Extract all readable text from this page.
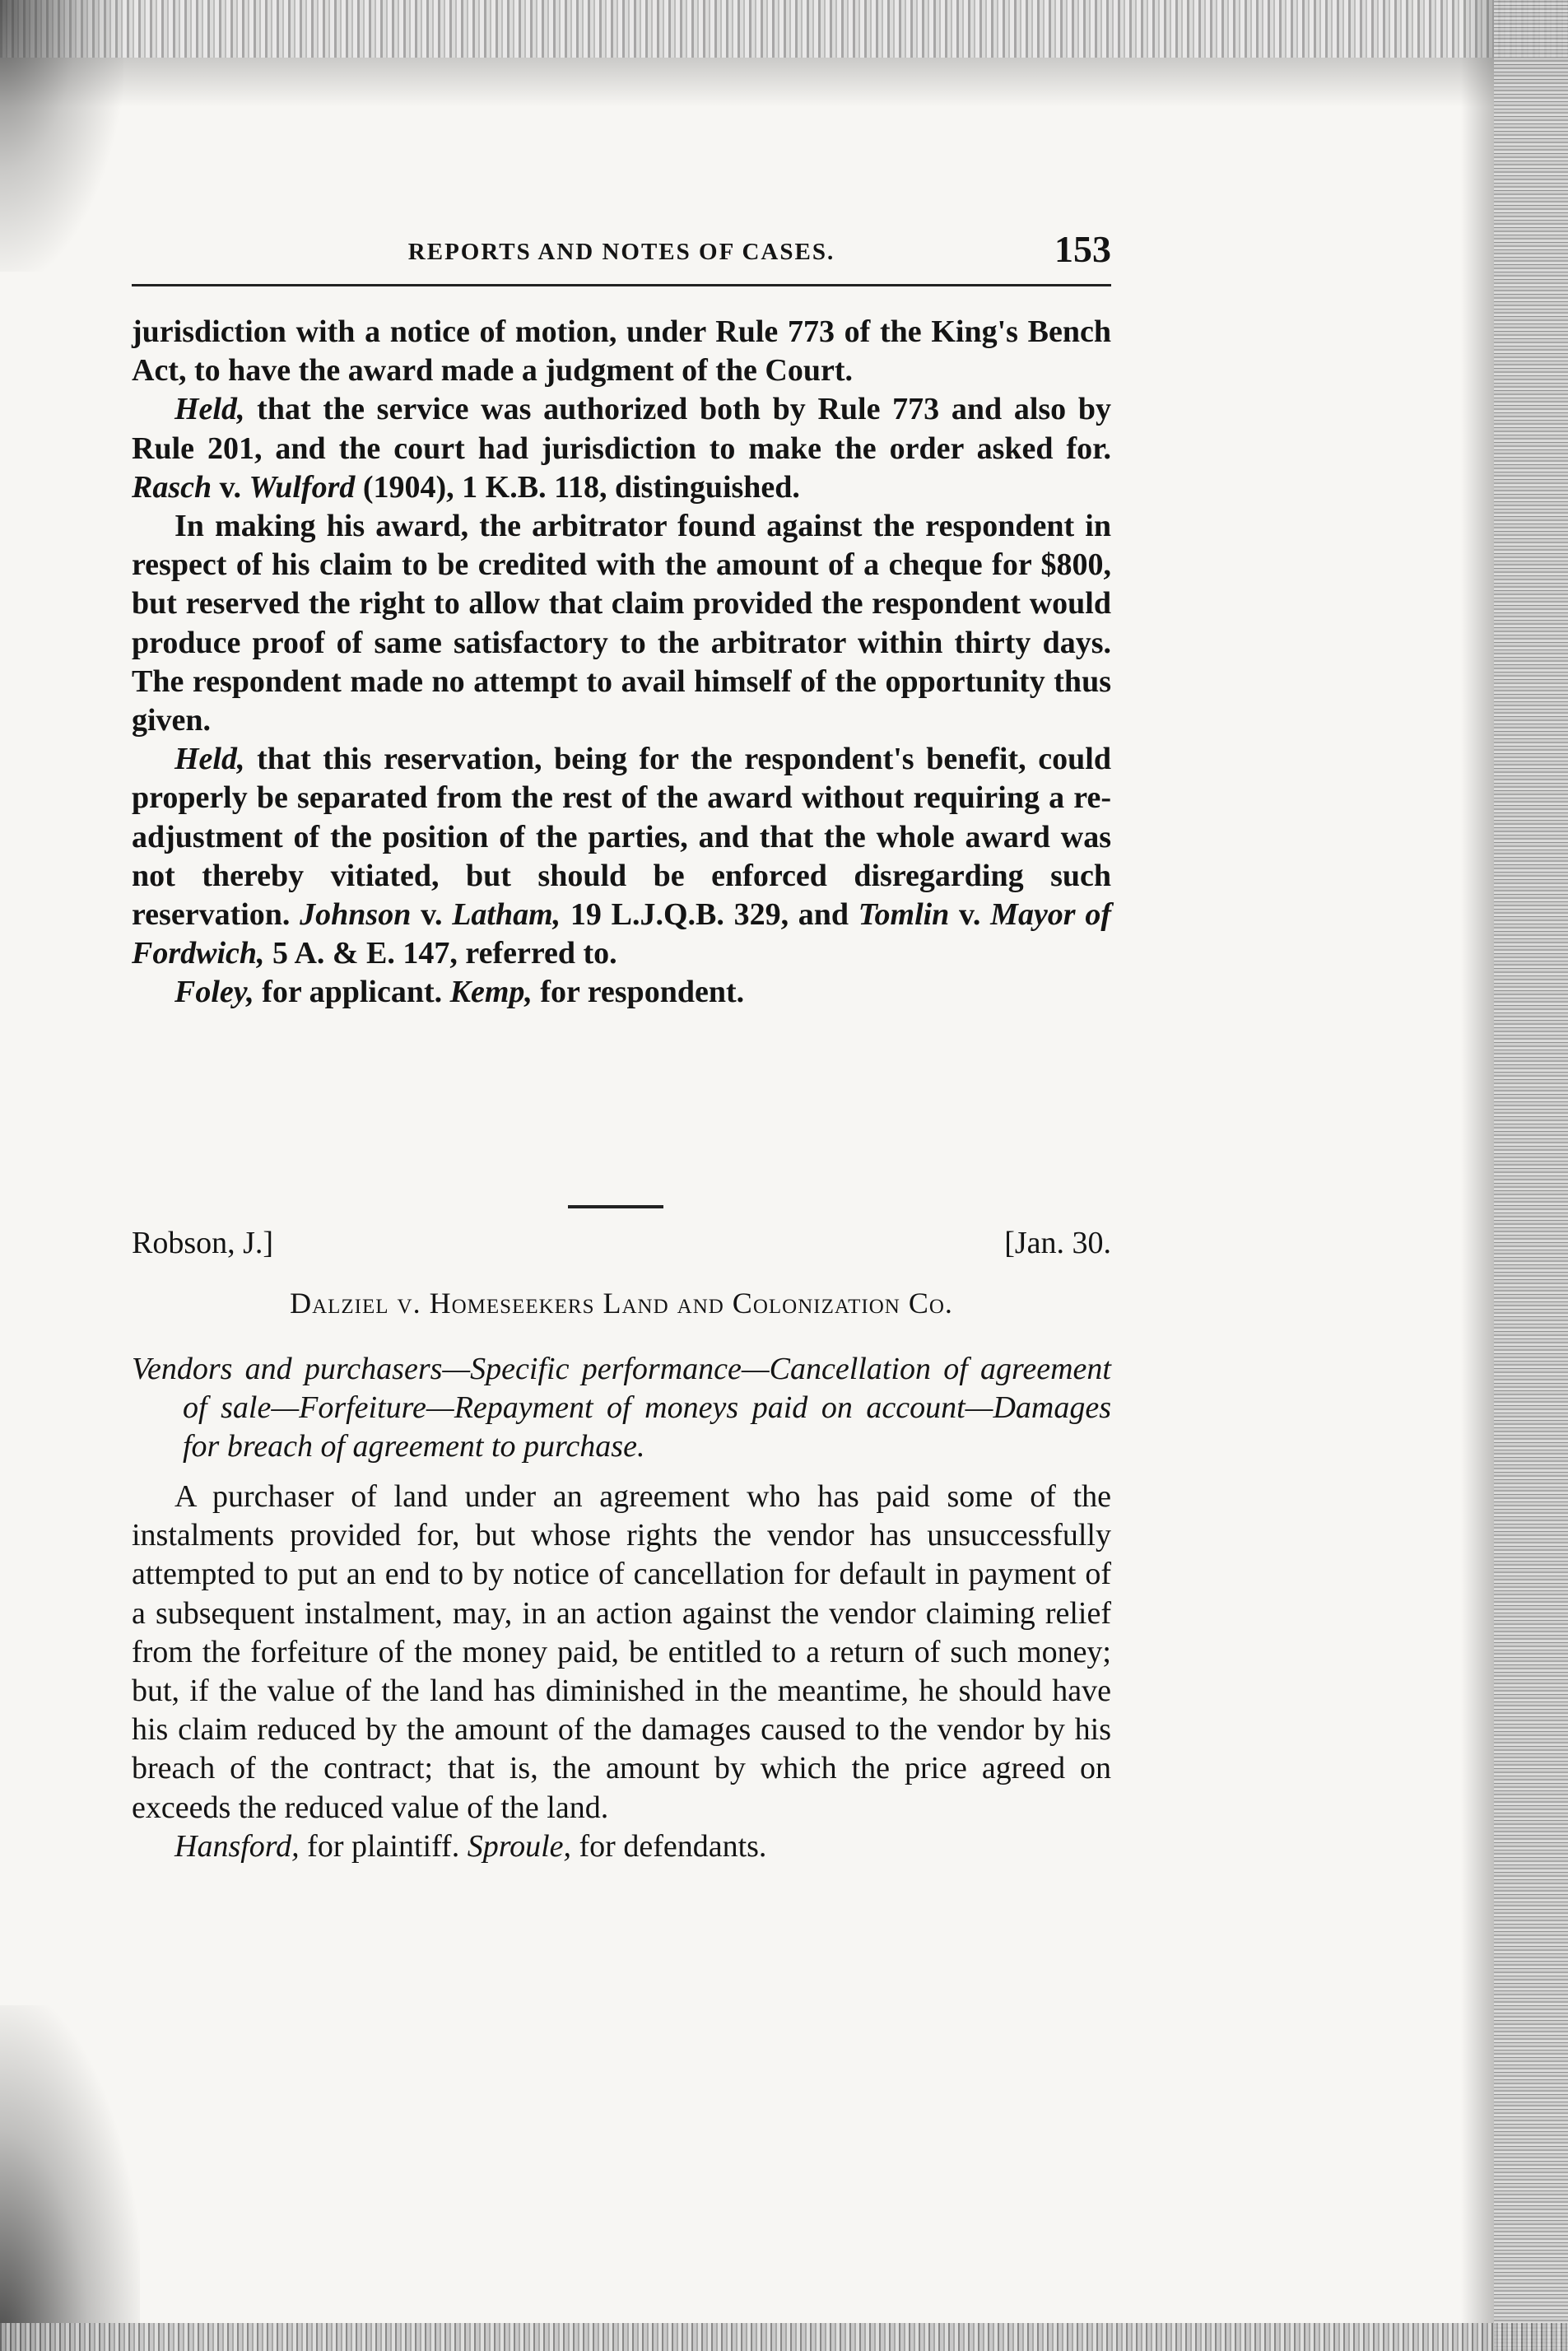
REPORTS AND NOTES OF CASES.	153

jurisdiction with a notice of motion, under Rule 773 of the King's Bench Act, to have the award made a judgment of the Court.

Held, that the service was authorized both by Rule 773 and also by Rule 201, and the court had jurisdiction to make the order asked for. Rasch v. Wulford (1904), 1 K.B. 118, distinguished.

In making his award, the arbitrator found against the respondent in respect of his claim to be credited with the amount of a cheque for $800, but reserved the right to allow that claim provided the respondent would produce proof of same satisfactory to the arbitrator within thirty days. The respondent made no attempt to avail himself of the opportunity thus given.

Held, that this reservation, being for the respondent's benefit, could properly be separated from the rest of the award without requiring a re-adjustment of the position of the parties, and that the whole award was not thereby vitiated, but should be enforced disregarding such reservation. Johnson v. Latham, 19 L.J.Q.B. 329, and Tomlin v. Mayor of Fordwich, 5 A. & E. 147, referred to.

Foley, for applicant. Kemp, for respondent.

Robson, J.]	[Jan. 30.
Dalziel v. Homeseekers Land and Colonization Co.
Vendors and purchasers—Specific performance—Cancellation of agreement of sale—Forfeiture—Repayment of moneys paid on account—Damages for breach of agreement to purchase.

A purchaser of land under an agreement who has paid some of the instalments provided for, but whose rights the vendor has unsuccessfully attempted to put an end to by notice of cancellation for default in payment of a subsequent instalment, may, in an action against the vendor claiming relief from the forfeiture of the money paid, be entitled to a return of such money; but, if the value of the land has diminished in the meantime, he should have his claim reduced by the amount of the damages caused to the vendor by his breach of the contract; that is, the amount by which the price agreed on exceeds the reduced value of the land.

Hansford, for plaintiff. Sproule, for defendants.
